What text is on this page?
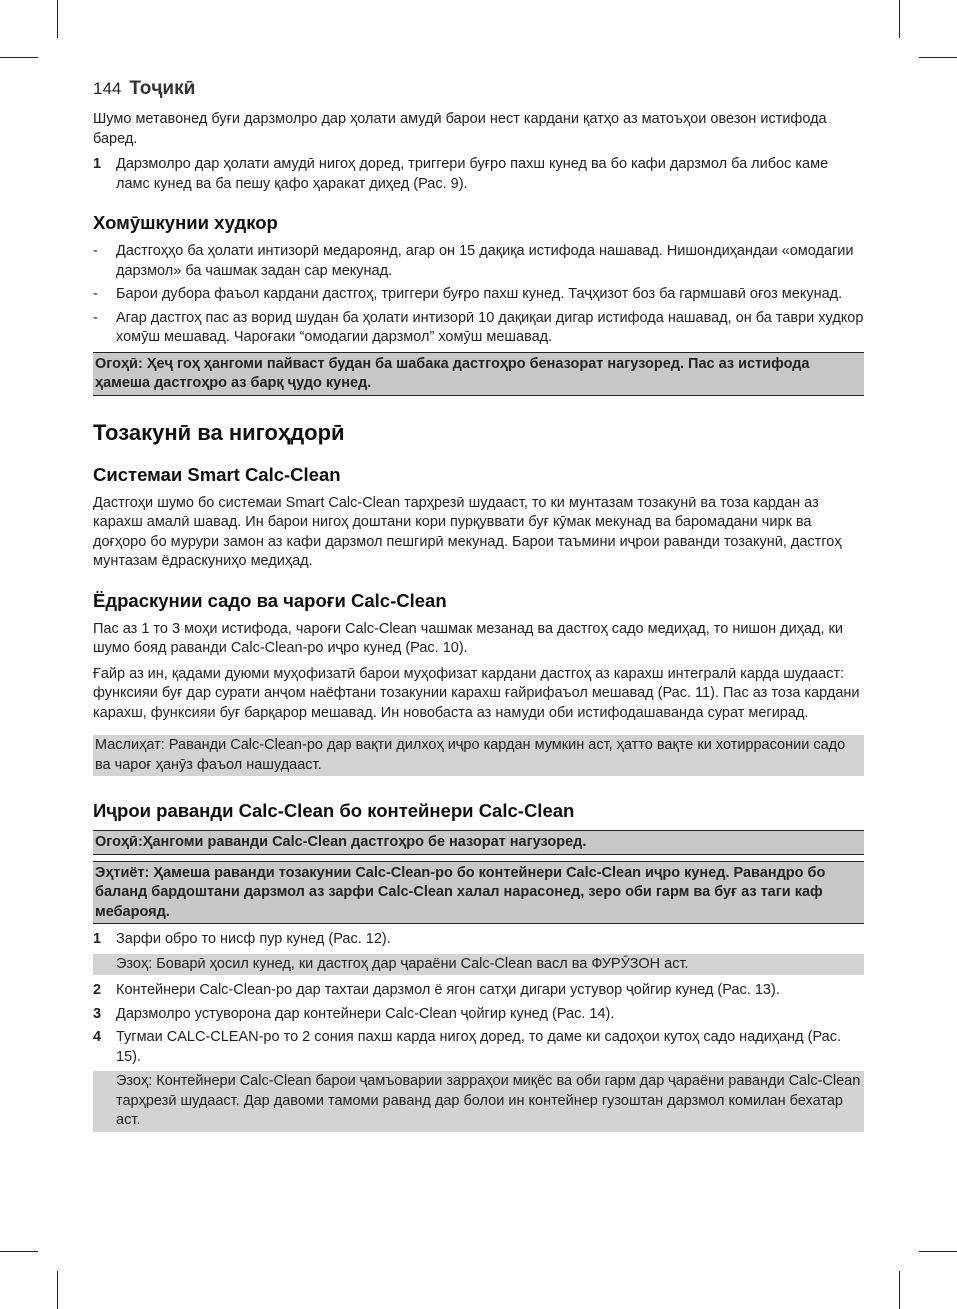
144 Тоҷикӣ

Шумо метавонед буғи дарзмолро дар ҳолати амудӣ барои нест кардани қатҳо аз матоъҳои овезон истифода баред.

1	Дарзмолро дар ҳолати амудӣ нигоҳ доред, триггери буғро пахш кунед ва бо кафи дарзмол ба либос каме ламс кунед ва ба пешу қафо ҳаракат диҳед (Рас. 9).
Хомӯшкунии худкор
-	Дастгоҳҳо ба ҳолати интизорӣ медароянд, агар он 15 дақиқа истифода нашавад. Нишондиҳандаи «омодагии дарзмол» ба чашмак задан сар мекунад.
-	Барои дубора фаъол кардани дастгоҳ, триггери буғро пахш кунед. Таҷҳизот боз ба гармшавӣ оғоз мекунад.
-	Агар дастгоҳ пас аз ворид шудан ба ҳолати интизорӣ 10 дақиқаи дигар истифода нашавад, он ба таври худкор хомӯш мешавад. Чароғаки “омодагии дарзмол” хомӯш мешавад.
Огоҳӣ: Ҳеҷ гоҳ ҳангоми пайваст будан ба шабака дастгоҳро беназорат нагузоред. Пас аз истифода ҳамеша дастгоҳро аз барқ ҷудо кунед.
Тозакунӣ ва нигоҳдорӣ
Системаи Smart Calc-Clean

Дастгоҳи шумо бо системаи Smart Calc-Clean тарҳрезӣ шудааст, то ки мунтазам тозакунӣ ва тоза кардан аз карахш амалӣ шавад. Ин барои нигоҳ доштани кори пурқуввати буғ кӯмак мекунад ва баромадани чирк ва доғҳоро бо мурури замон аз кафи дарзмол пешгирӣ мекунад. Барои таъмини иҷрои раванди тозакунӣ, дастгоҳ мунтазам ёдраскуниҳо медиҳад.

Ёдраскунии садо ва чароғи Calc-Clean

Пас аз 1 то 3 моҳи истифода, чароғи Calc-Clean чашмак мезанад ва дастгоҳ садо медиҳад, то нишон диҳад, ки шумо бояд раванди Calc-Clean-ро иҷро кунед (Рас. 10).

Ғайр аз ин, қадами дуюми муҳофизатӣ барои муҳофизат кардани дастгоҳ аз карахш интегралӣ карда шудааст: функсияи буғ дар сурати анҷом наёфтани тозакунии карахш ғайрифаъол мешавад (Рас. 11). Пас аз тоза кардани карахш, функсияи буғ барқарор мешавад. Ин новобаста аз намуди оби истифодашаванда сурат мегирад.

Маслиҳат: Раванди Calc-Clean-ро дар вақти дилхоҳ иҷро кардан мумкин аст, ҳатто вақте ки хотиррасонии садо ва чароғ ҳанӯз фаъол нашудааст.
Иҷрои раванди Calc-Clean бо контейнери Calc-Clean
Огоҳӣ:Ҳангоми раванди Calc-Clean дастгоҳро бе назорат нагузоред.
Эҳтиёт: Ҳамеша раванди тозакунии Calc-Clean-ро бо контейнери Calc-Clean иҷро кунед. Равандро бо баланд бардоштани дарзмол аз зарфи Calc-Clean халал нарасонед, зеро оби гарм ва буғ аз таги каф мебарояд.
1	Зарфи обро то нисф пур кунед (Рас. 12).
Эзоҳ: Боварӣ ҳосил кунед, ки дастгоҳ дар ҷараёни Calc-Clean васл ва ФУРӮЗОН аст.
2	Контейнери Calc-Clean-ро дар тахтаи дарзмол ё ягон сатҳи дигари устувор ҷойгир кунед (Рас. 13).
3	Дарзмолро устуворона дар контейнери Calc-Clean ҷойгир кунед (Рас. 14).
4	Тугмаи CALC-CLEAN-ро то 2 сония пахш карда нигоҳ доред, то даме ки садоҳои кутоҳ садо надиҳанд (Рас. 15).
Эзоҳ: Контейнери Calc-Clean барои ҷамъоварии зарраҳои миқёс ва оби гарм дар ҷараёни раванди Calc-Clean тарҳрезӣ шудааст. Дар давоми тамоми раванд дар болои ин контейнер гузоштан дарзмол комилан бехатар аст.
